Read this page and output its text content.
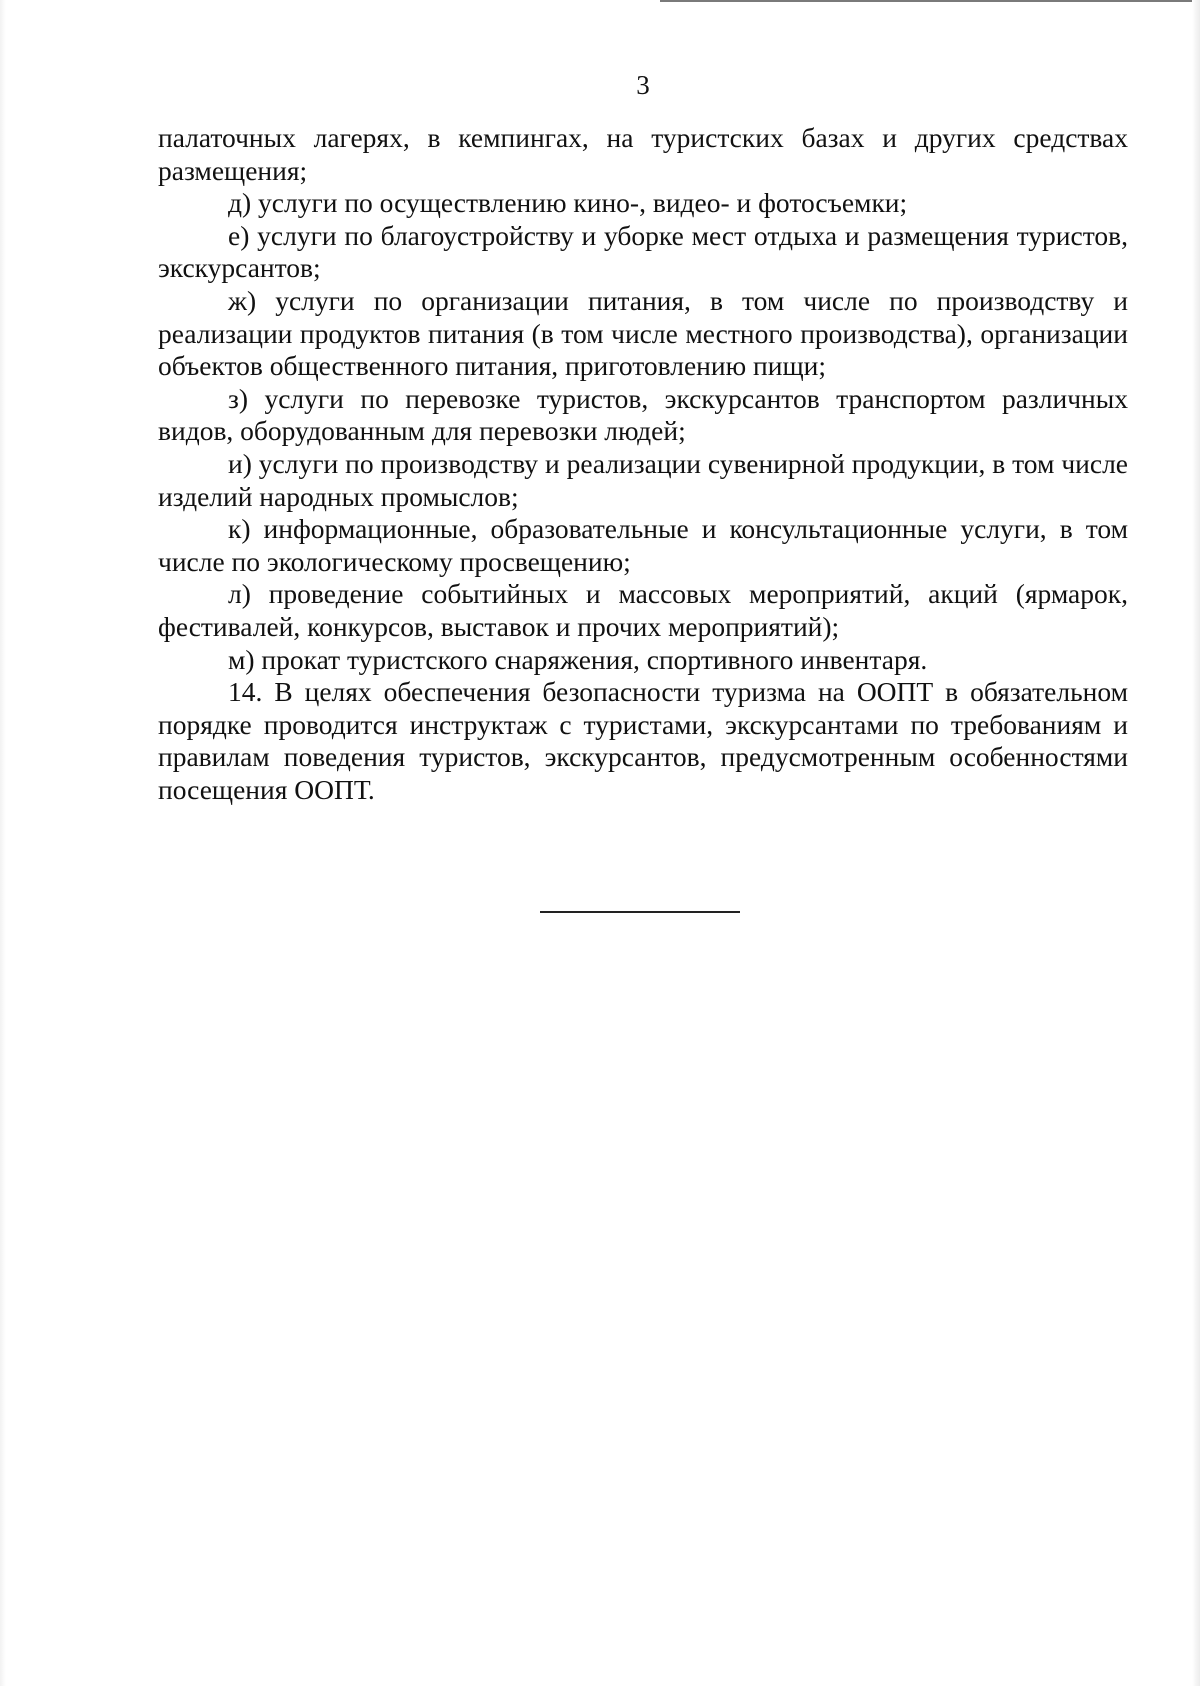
3

палаточных лагерях, в кемпингах, на туристских базах и других средствах размещения;

д) услуги по осуществлению кино-, видео- и фотосъемки;

е) услуги по благоустройству и уборке мест отдыха и размещения туристов, экскурсантов;

ж) услуги по организации питания, в том числе по производству и реализации продуктов питания (в том числе местного производства), организации объектов общественного питания, приготовлению пищи;

з) услуги по перевозке туристов, экскурсантов транспортом различных видов, оборудованным для перевозки людей;

и) услуги по производству и реализации сувенирной продукции, в том числе изделий народных промыслов;

к) информационные, образовательные и консультационные услуги, в том числе по экологическому просвещению;

л) проведение событийных и массовых мероприятий, акций (ярмарок, фестивалей, конкурсов, выставок и прочих мероприятий);

м) прокат туристского снаряжения, спортивного инвентаря.

14. В целях обеспечения безопасности туризма на ООПТ в обязательном порядке проводится инструктаж с туристами, экскурсантами по требованиям и правилам поведения туристов, экскурсантов, предусмотренным особенностями посещения ООПТ.
